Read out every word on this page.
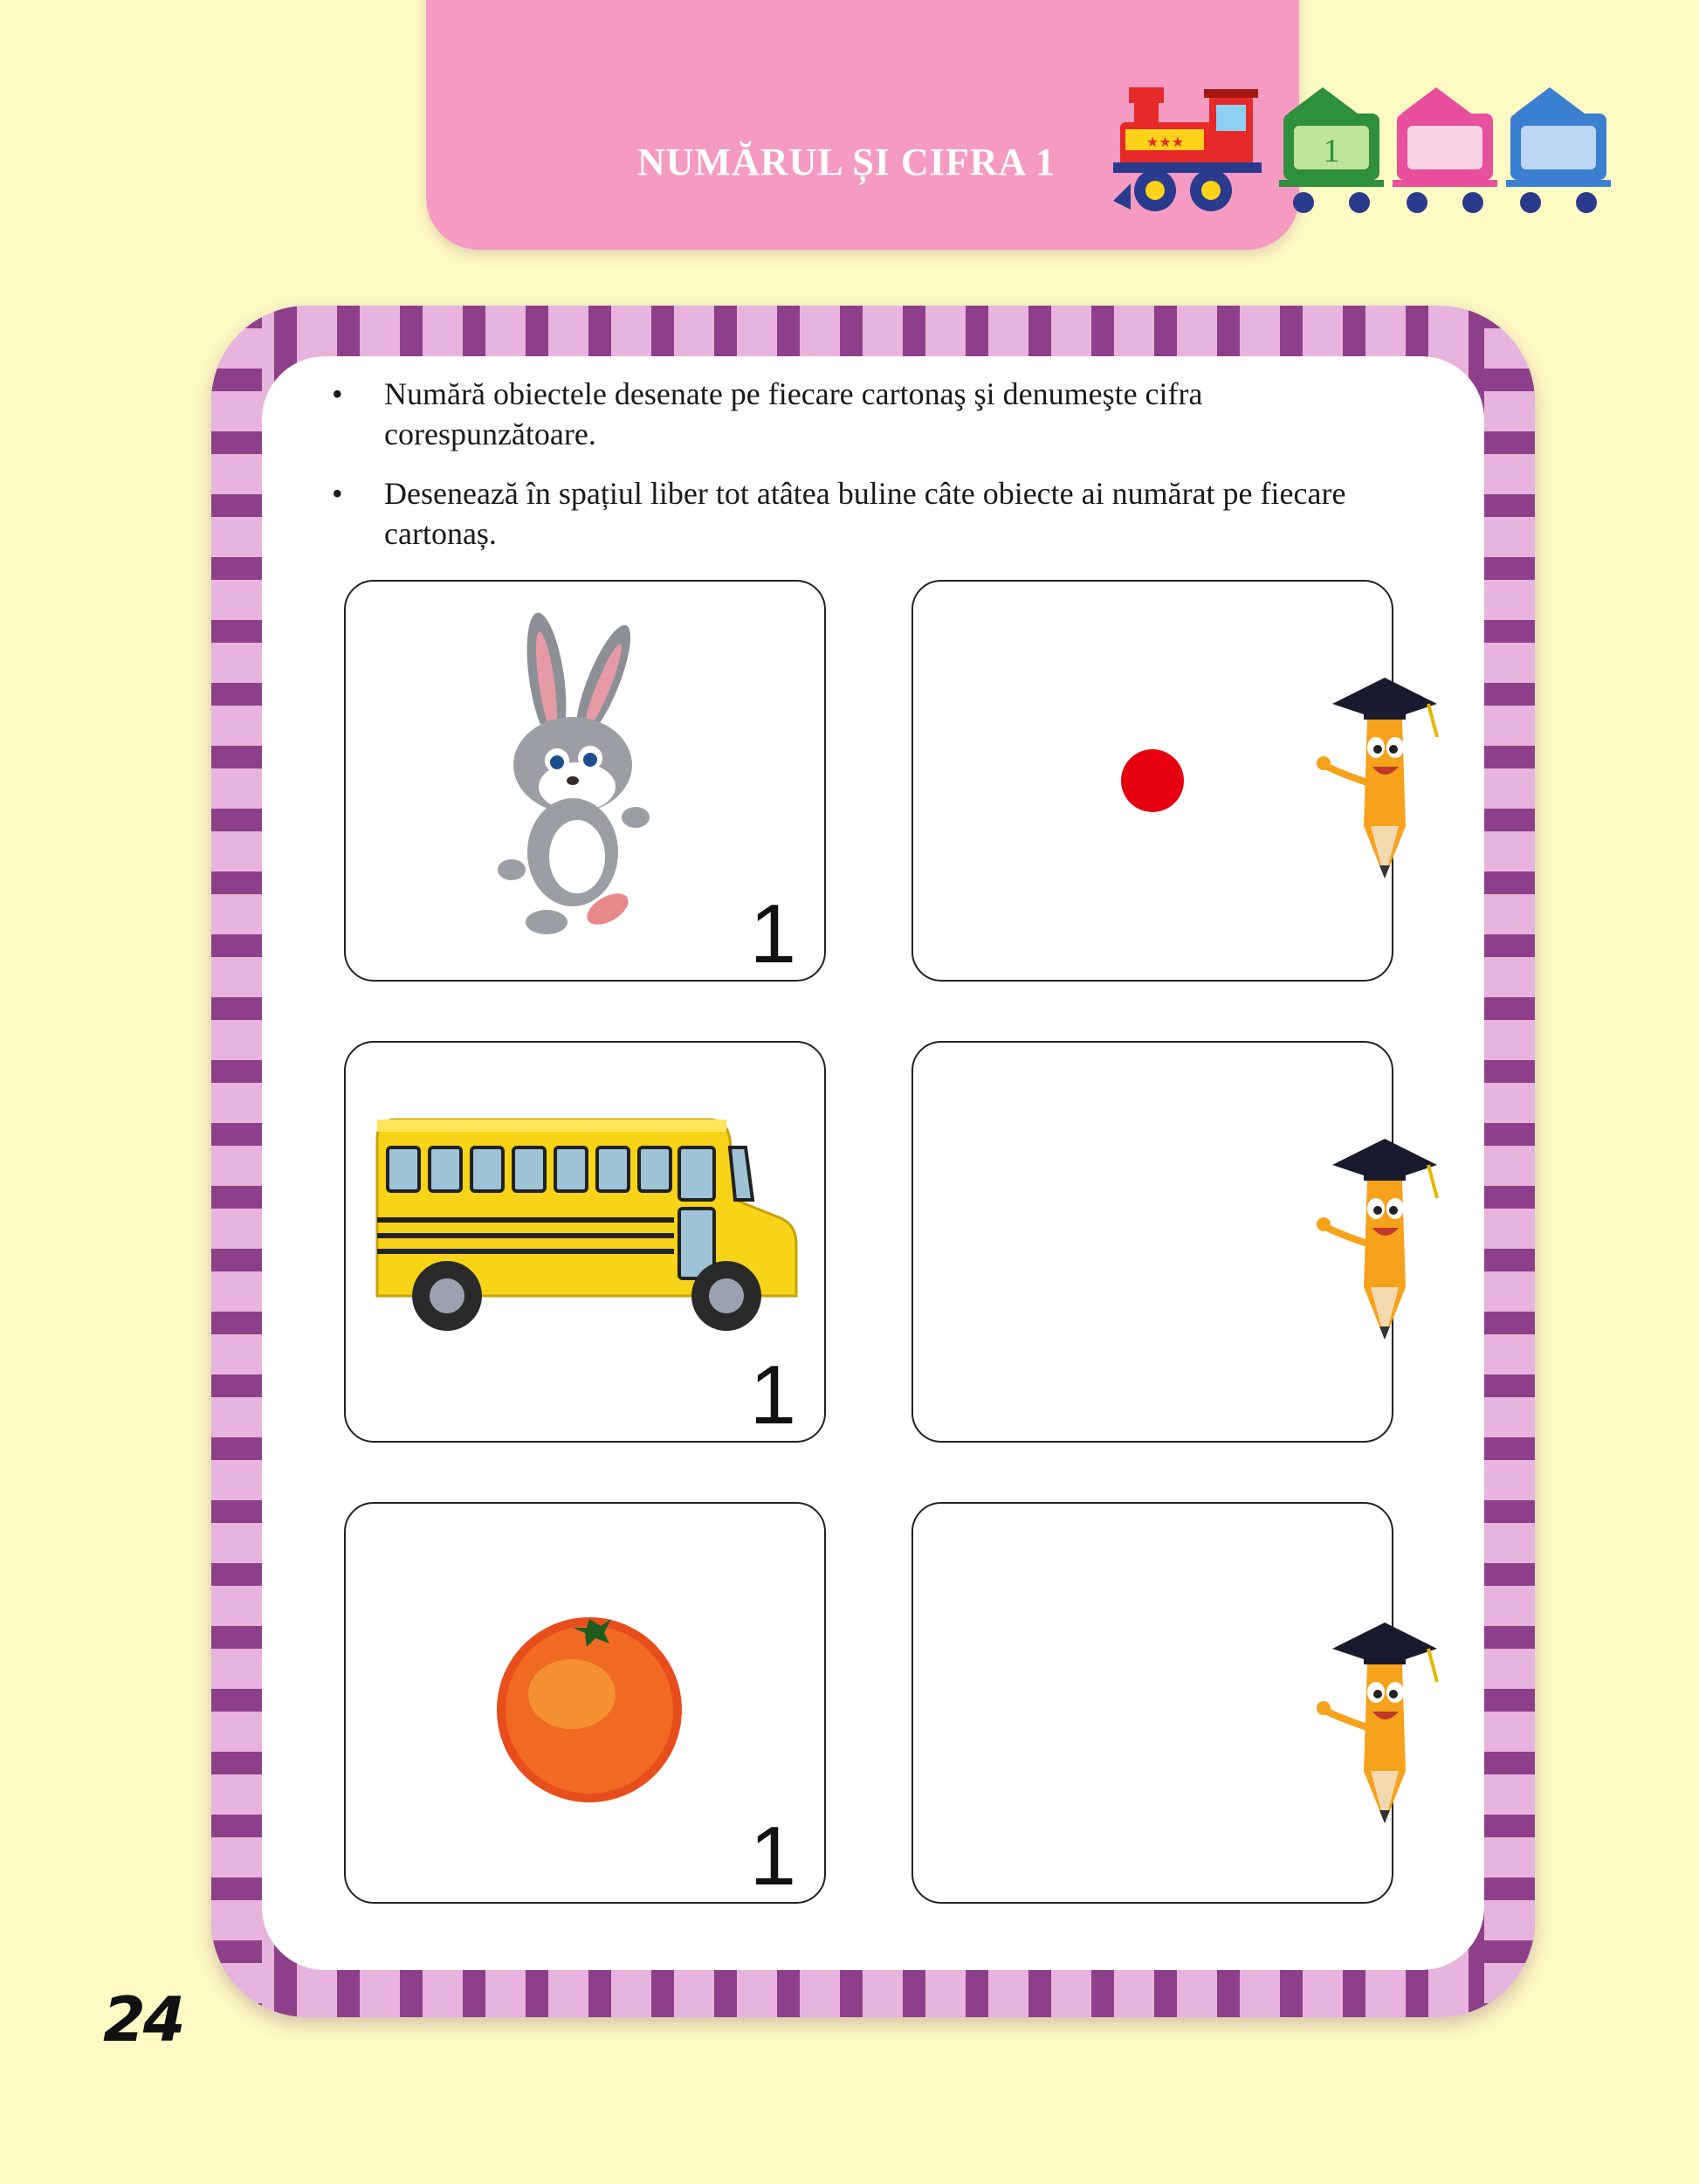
NUMĂRUL ȘI CIFRA 1	★★★	1
• Numără obiectele desenate pe fiecare cartonaş şi denumeşte cifra corespunzătoare.
• Desenează în spațiul liber tot atâtea buline câte obiecte ai numărat pe fiecare cartonaș.
1
1
1
24
